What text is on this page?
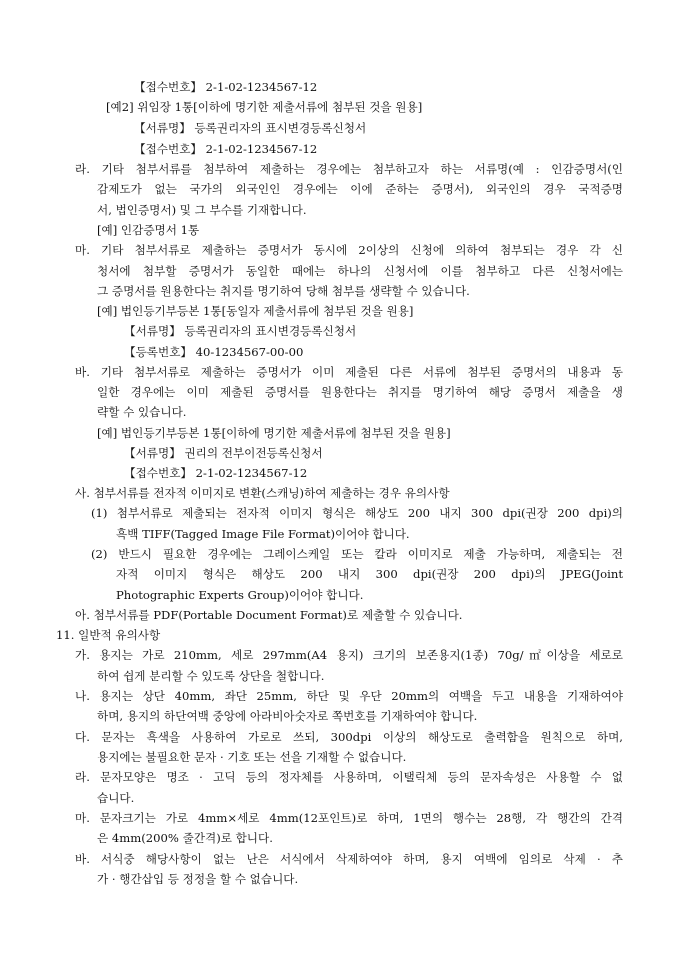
【접수번호】 2-1-02-1234567-12
[예2] 위임장 1통[이하에 명기한 제출서류에 첨부된 것을 원용]
【서류명】 등록권리자의 표시변경등록신청서
【접수번호】 2-1-02-1234567-12
라. 기타 첨부서류를 첨부하여 제출하는 경우에는 첨부하고자 하는 서류명(예 : 인감증명서(인
감제도가 없는 국가의 외국인인 경우에는 이에 준하는 증명서), 외국인의 경우 국적증명
서, 법인증명서) 및 그 부수를 기재합니다.
[예] 인감증명서 1통
마. 기타 첨부서류로 제출하는 증명서가 동시에 2이상의 신청에 의하여 첨부되는 경우 각 신
청서에 첨부할 증명서가 동일한 때에는 하나의 신청서에 이를 첨부하고 다른 신청서에는
그 증명서를 원용한다는 취지를 명기하여 당해 첨부를 생략할 수 있습니다.
[예] 법인등기부등본 1통[동일자 제출서류에 첨부된 것을 원용]
【서류명】 등록권리자의 표시변경등록신청서
【등록번호】 40-1234567-00-00
바. 기타 첨부서류로 제출하는 증명서가 이미 제출된 다른 서류에 첨부된 증명서의 내용과 동
일한 경우에는 이미 제출된 증명서를 원용한다는 취지를 명기하여 해당 증명서 제출을 생
략할 수 있습니다.
[예] 법인등기부등본 1통[이하에 명기한 제출서류에 첨부된 것을 원용]
【서류명】 권리의 전부이전등록신청서
【접수번호】 2-1-02-1234567-12
사. 첨부서류를 전자적 이미지로 변환(스캐닝)하여 제출하는 경우 유의사항
(1) 첨부서류로 제출되는 전자적 이미지 형식은 해상도 200 내지 300 dpi(권장 200 dpi)의
흑백 TIFF(Tagged Image File Format)이어야 합니다.
(2) 반드시 필요한 경우에는 그레이스케일 또는 칼라 이미지로 제출 가능하며, 제출되는 전
자적 이미지 형식은 해상도 200 내지 300 dpi(권장 200 dpi)의 JPEG(Joint
Photographic Experts Group)이어야 합니다.
아. 첨부서류를 PDF(Portable Document Format)로 제출할 수 있습니다.
11. 일반적 유의사항
가. 용지는 가로 210mm, 세로 297mm(A4 용지) 크기의 보존용지(1종) 70g/㎡이상을 세로로
하여 쉽게 분리할 수 있도록 상단을 철합니다.
나. 용지는 상단 40mm, 좌단 25mm, 하단 및 우단 20mm의 여백을 두고 내용을 기재하여야
하며, 용지의 하단여백 중앙에 아라비아숫자로 쪽번호를 기재하여야 합니다.
다. 문자는 흑색을 사용하여 가로로 쓰되, 300dpi 이상의 해상도로 출력함을 원칙으로 하며,
용지에는 불필요한 문자 · 기호 또는 선을 기재할 수 없습니다.
라. 문자모양은 명조 · 고딕 등의 정자체를 사용하며, 이탤릭체 등의 문자속성은 사용할 수 없
습니다.
마. 문자크기는 가로 4mm×세로 4mm(12포인트)로 하며, 1면의 행수는 28행, 각 행간의 간격
은 4mm(200% 줄간격)로 합니다.
바. 서식중 해당사항이 없는 난은 서식에서 삭제하여야 하며, 용지 여백에 임의로 삭제 · 추
가 · 행간삽입 등 정정을 할 수 없습니다.
